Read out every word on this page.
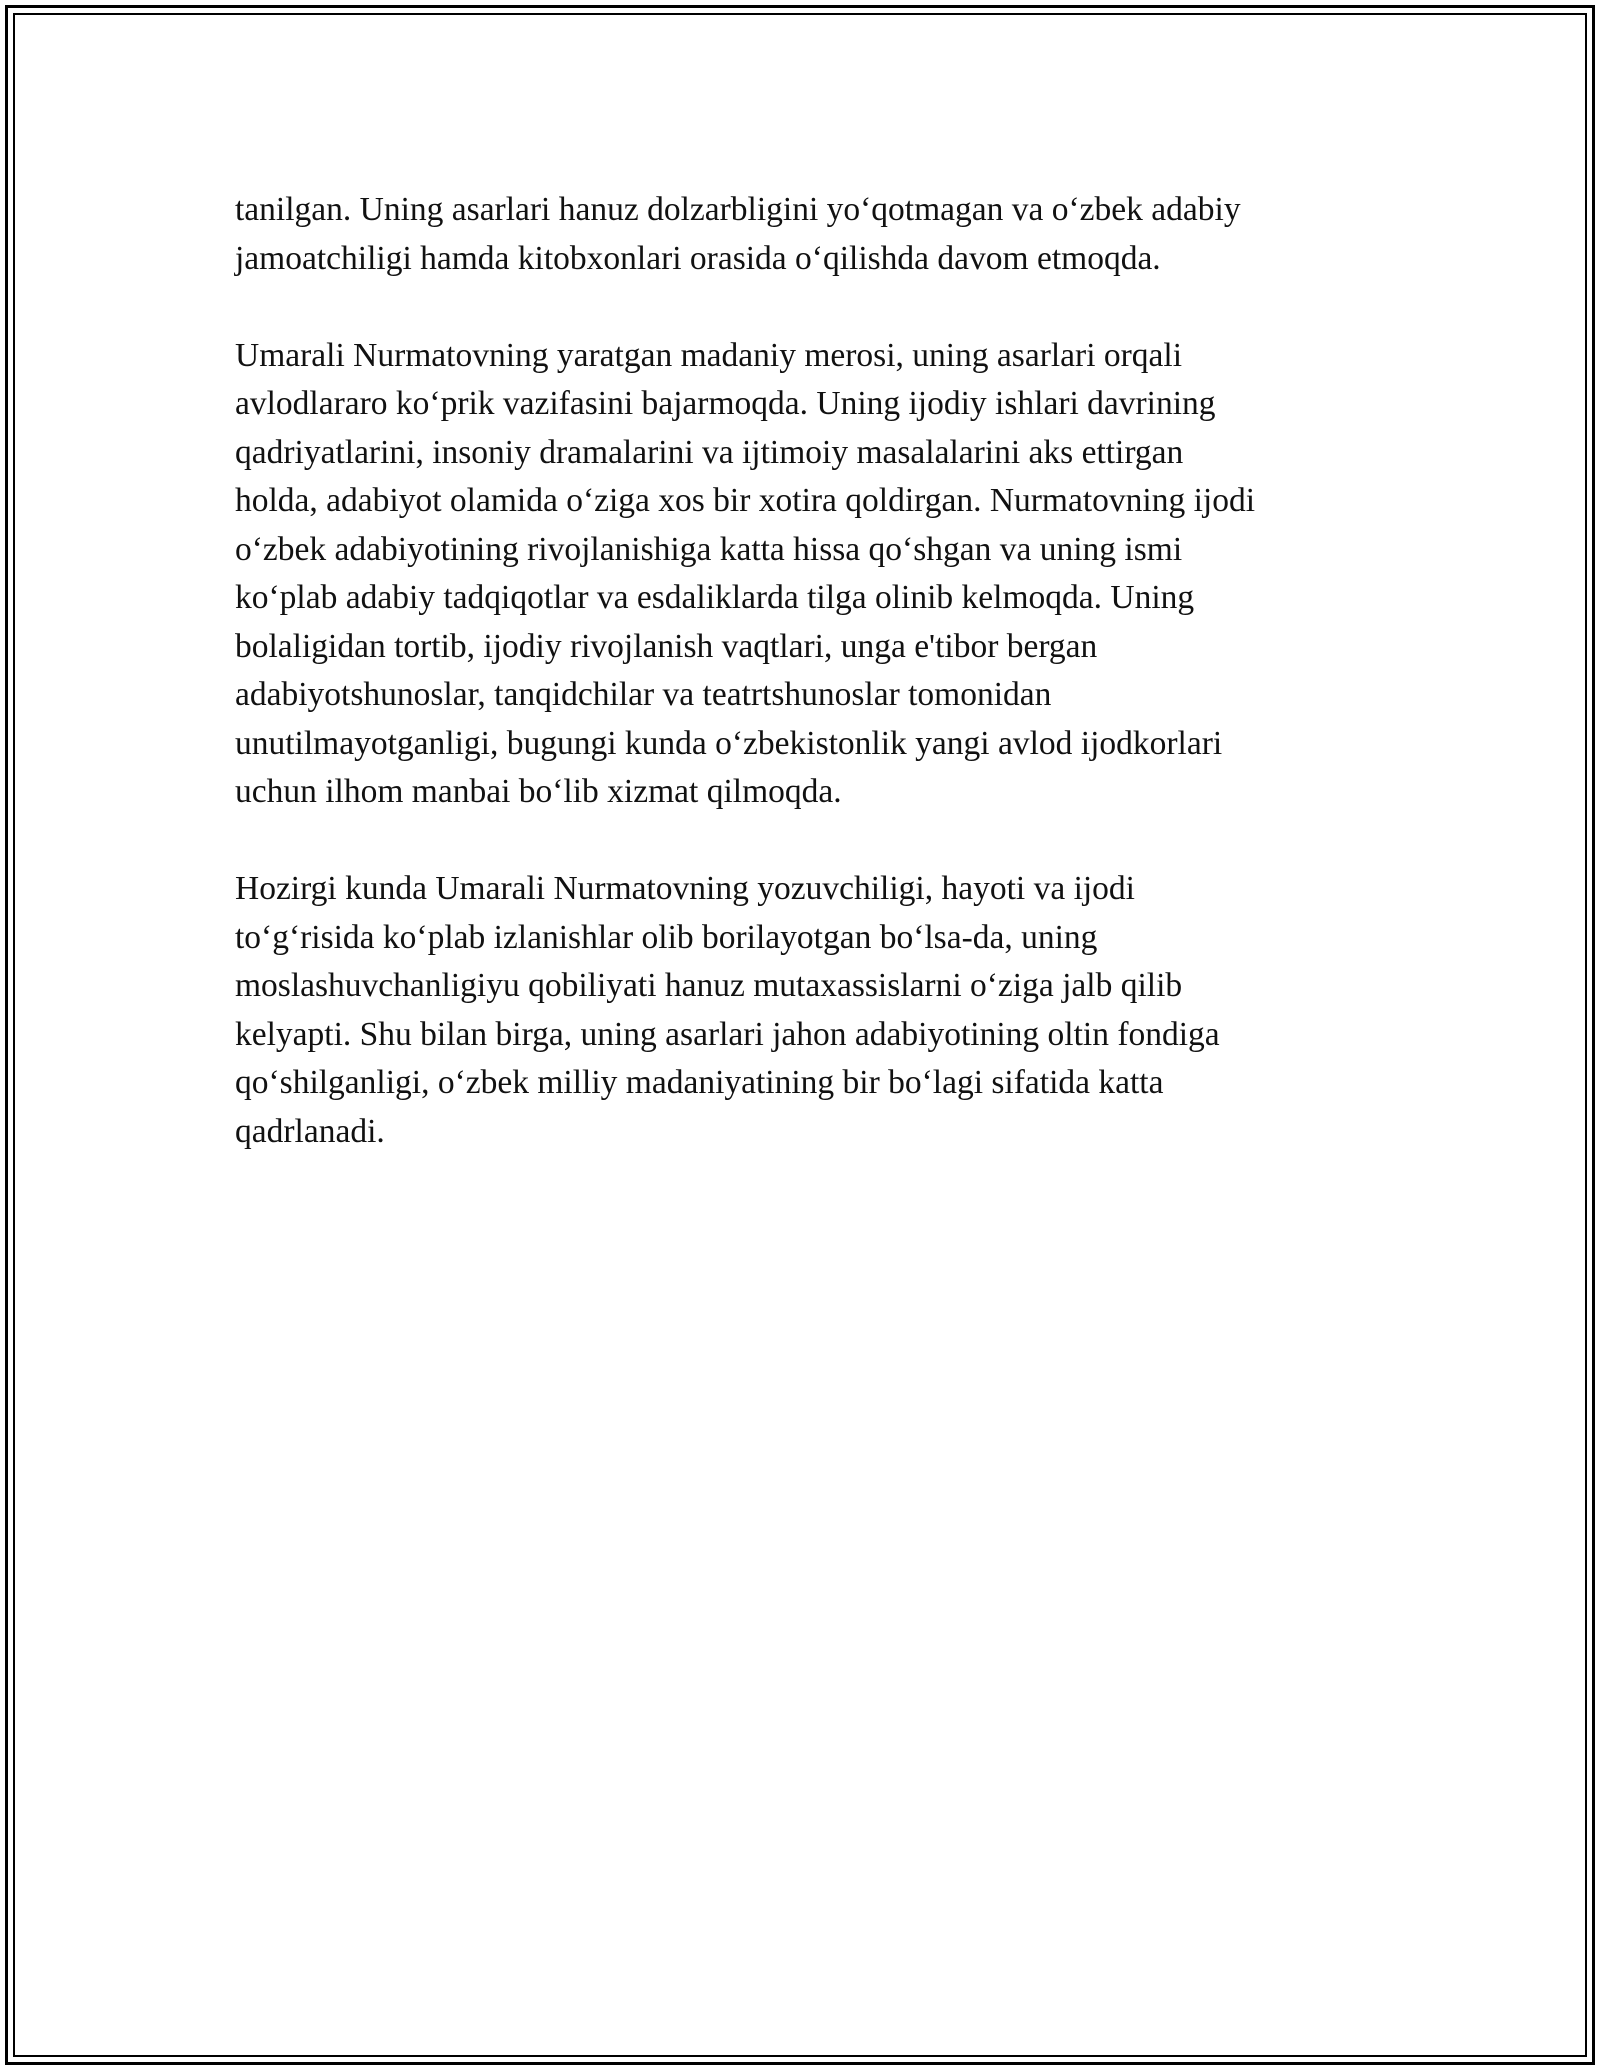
tanilgan. Uning asarlari hanuz dolzarbligini yo‘qotmagan va o‘zbek adabiy
jamoatchiligi hamda kitobxonlari orasida o‘qilishda davom etmoqda.

Umarali Nurmatovning yaratgan madaniy merosi, uning asarlari orqali
avlodlararo ko‘prik vazifasini bajarmoqda. Uning ijodiy ishlari davrining
qadriyatlarini, insoniy dramalarini va ijtimoiy masalalarini aks ettirgan
holda, adabiyot olamida o‘ziga xos bir xotira qoldirgan. Nurmatovning ijodi
o‘zbek adabiyotining rivojlanishiga katta hissa qo‘shgan va uning ismi
ko‘plab adabiy tadqiqotlar va esdaliklarda tilga olinib kelmoqda. Uning
bolaligidan tortib, ijodiy rivojlanish vaqtlari, unga e'tibor bergan
adabiyotshunoslar, tanqidchilar va teatrtshunoslar tomonidan
unutilmayotganligi, bugungi kunda o‘zbekistonlik yangi avlod ijodkorlari
uchun ilhom manbai bo‘lib xizmat qilmoqda.

Hozirgi kunda Umarali Nurmatovning yozuvchiligi, hayoti va ijodi
to‘g‘risida ko‘plab izlanishlar olib borilayotgan bo‘lsa-da, uning
moslashuvchanligiyu qobiliyati hanuz mutaxassislarni o‘ziga jalb qilib
kelyapti. Shu bilan birga, uning asarlari jahon adabiyotining oltin fondiga
qo‘shilganligi, o‘zbek milliy madaniyatining bir bo‘lagi sifatida katta
qadrlanadi.
